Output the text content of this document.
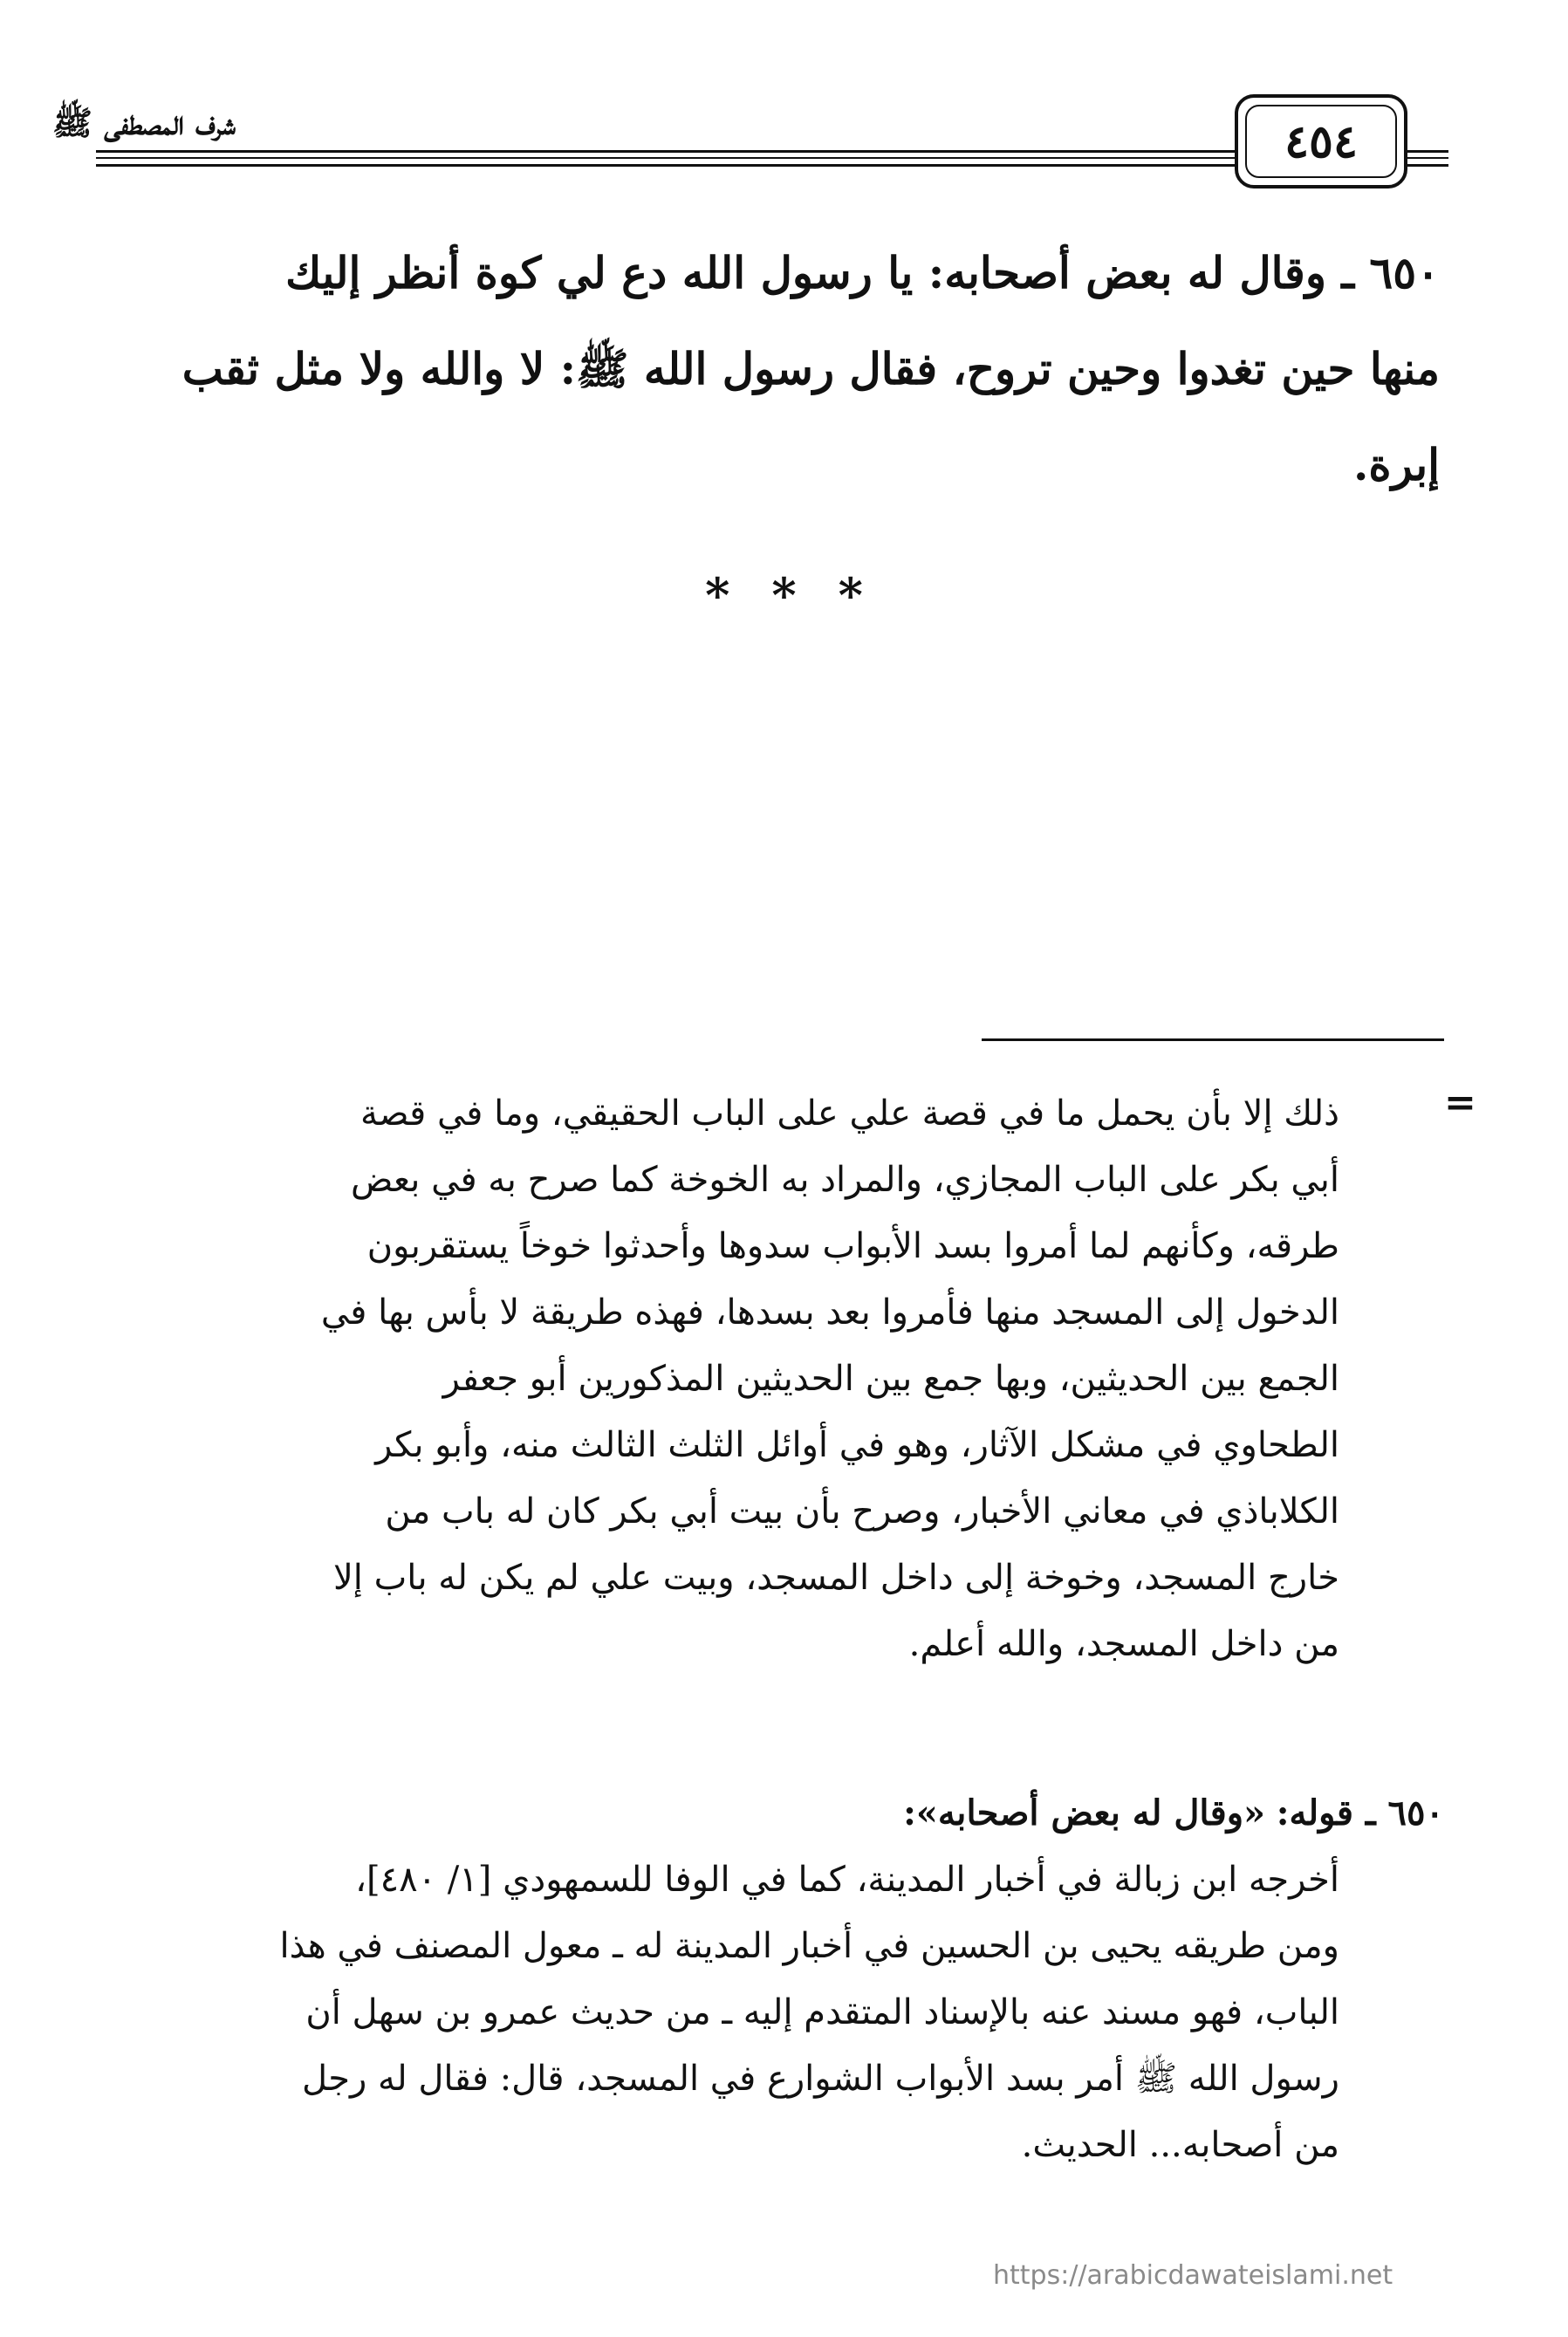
شرف المصطفى ﷺ	٤٥٤
٦٥٠ ـ وقال له بعض أصحابه: يا رسول الله دع لي كوة أنظر إليك
منها حين تغدوا وحين تروح، فقال رسول الله ﷺ: لا والله ولا مثل ثقب
إبرة.
***
=
ذلك إلا بأن يحمل ما في قصة علي على الباب الحقيقي، وما في قصة
أبي بكر على الباب المجازي، والمراد به الخوخة كما صرح به في بعض
طرقه، وكأنهم لما أمروا بسد الأبواب سدوها وأحدثوا خوخاً يستقربون
الدخول إلى المسجد منها فأمروا بعد بسدها، فهذه طريقة لا بأس بها في
الجمع بين الحديثين، وبها جمع بين الحديثين المذكورين أبو جعفر
الطحاوي في مشكل الآثار، وهو في أوائل الثلث الثالث منه، وأبو بكر
الكلاباذي في معاني الأخبار، وصرح بأن بيت أبي بكر كان له باب من
خارج المسجد، وخوخة إلى داخل المسجد، وبيت علي لم يكن له باب إلا
من داخل المسجد، والله أعلم.
٦٥٠ ـ قوله: «وقال له بعض أصحابه»:
أخرجه ابن زبالة في أخبار المدينة، كما في الوفا للسمهودي [١/ ٤٨٠]،
ومن طريقه يحيى بن الحسين في أخبار المدينة له ـ معول المصنف في هذا
الباب، فهو مسند عنه بالإسناد المتقدم إليه ـ من حديث عمرو بن سهل أن
رسول الله ﷺ أمر بسد الأبواب الشوارع في المسجد، قال: فقال له رجل
من أصحابه... الحديث.
https://arabicdawateislami.net
